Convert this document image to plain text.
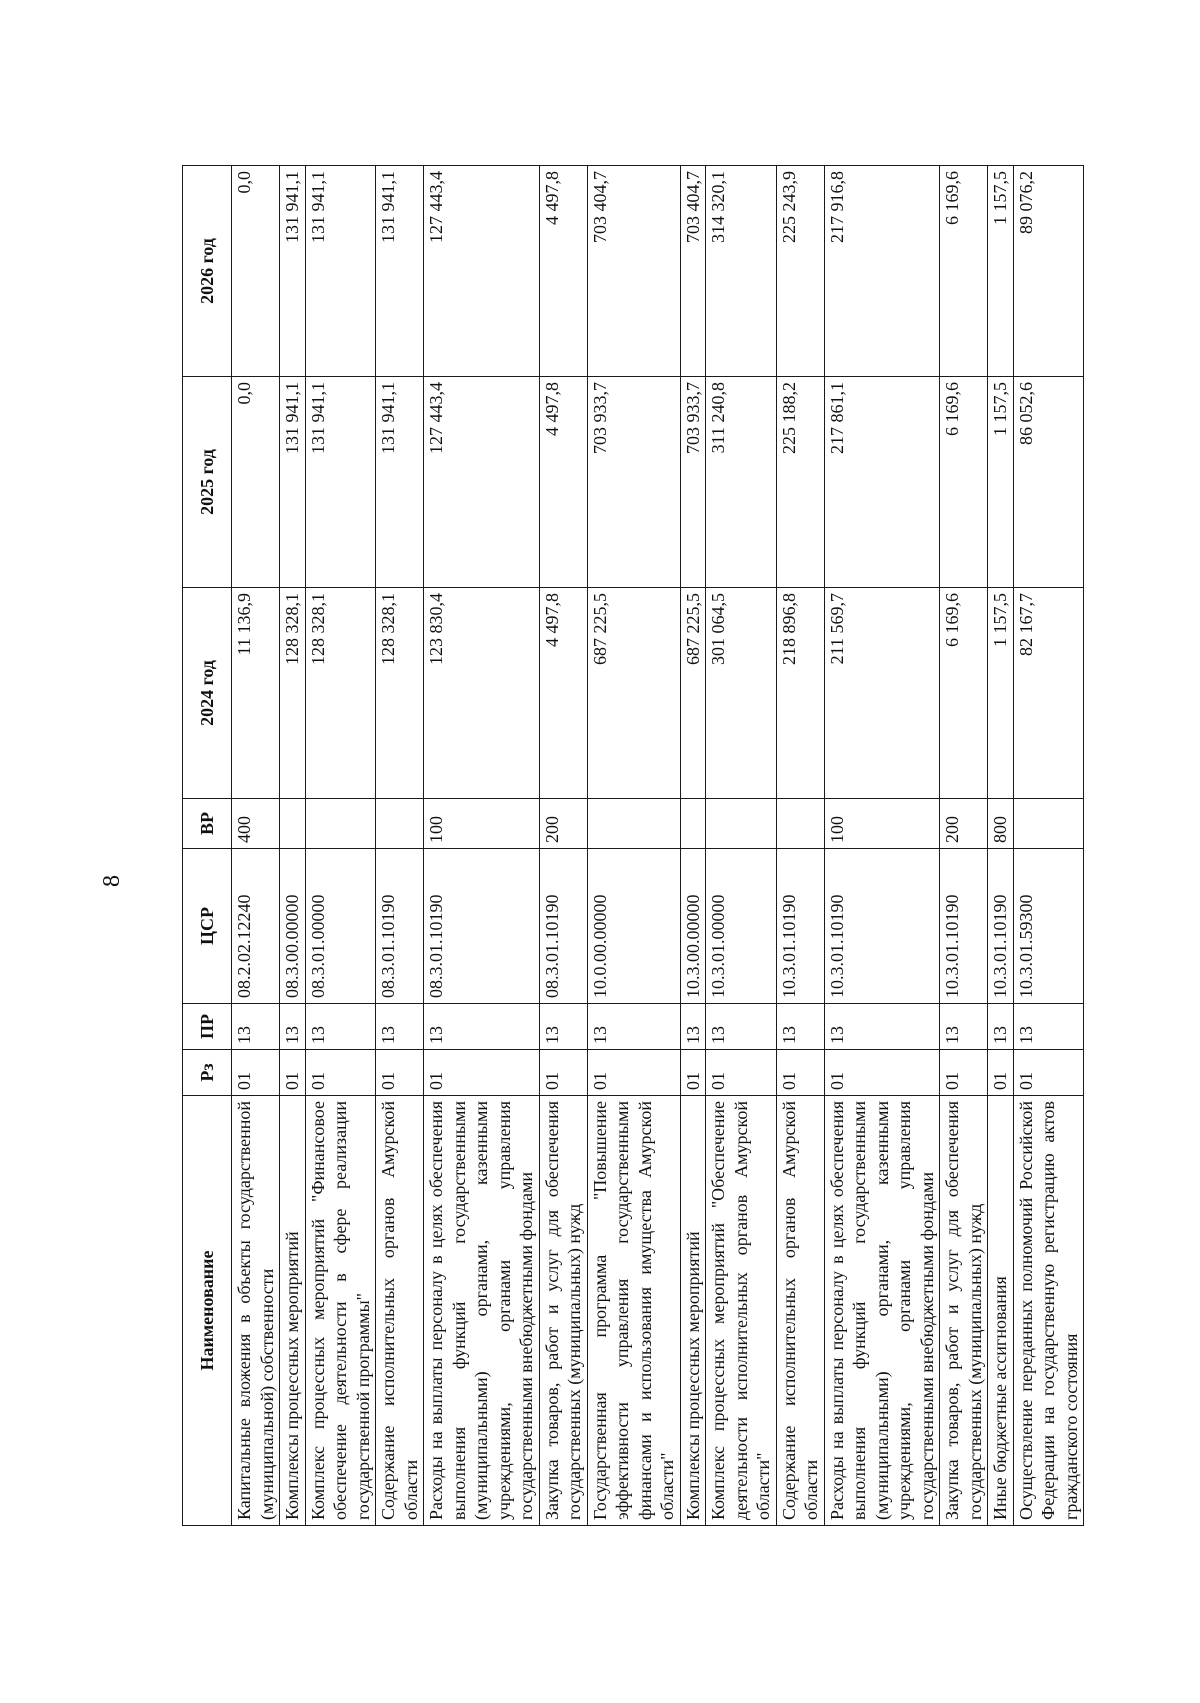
8
Наименование	Рз	ПР	ЦСР	ВР	2024 год	2025 год	2026 год
Капитальные вложения в объекты государственной (муниципальной) собственности	01	13	08.2.02.12240	400	11 136,9	0,0	0,0
Комплексы процессных мероприятий	01	13	08.3.00.00000		128 328,1	131 941,1	131 941,1
Комплекс процессных мероприятий "Финансовое обеспечение деятельности в сфере реализации государственной программы"	01	13	08.3.01.00000		128 328,1	131 941,1	131 941,1
Содержание исполнительных органов Амурской области	01	13	08.3.01.10190		128 328,1	131 941,1	131 941,1
Расходы на выплаты персоналу в целях обеспечения выполнения функций государственными (муниципальными) органами, казенными учреждениями, органами управления государственными внебюджетными фондами	01	13	08.3.01.10190	100	123 830,4	127 443,4	127 443,4
Закупка товаров, работ и услуг для обеспечения государственных (муниципальных) нужд	01	13	08.3.01.10190	200	4 497,8	4 497,8	4 497,8
Государственная программа "Повышение эффективности управления государственными финансами и использования имущества Амурской области"	01	13	10.0.00.00000		687 225,5	703 933,7	703 404,7
Комплексы процессных мероприятий	01	13	10.3.00.00000		687 225,5	703 933,7	703 404,7
Комплекс процессных мероприятий "Обеспечение деятельности исполнительных органов Амурской области"	01	13	10.3.01.00000		301 064,5	311 240,8	314 320,1
Содержание исполнительных органов Амурской области	01	13	10.3.01.10190		218 896,8	225 188,2	225 243,9
Расходы на выплаты персоналу в целях обеспечения выполнения функций государственными (муниципальными) органами, казенными учреждениями, органами управления государственными внебюджетными фондами	01	13	10.3.01.10190	100	211 569,7	217 861,1	217 916,8
Закупка товаров, работ и услуг для обеспечения государственных (муниципальных) нужд	01	13	10.3.01.10190	200	6 169,6	6 169,6	6 169,6
Иные бюджетные ассигнования	01	13	10.3.01.10190	800	1 157,5	1 157,5	1 157,5
Осуществление переданных полномочий Российской Федерации на государственную регистрацию актов гражданского состояния	01	13	10.3.01.59300		82 167,7	86 052,6	89 076,2
